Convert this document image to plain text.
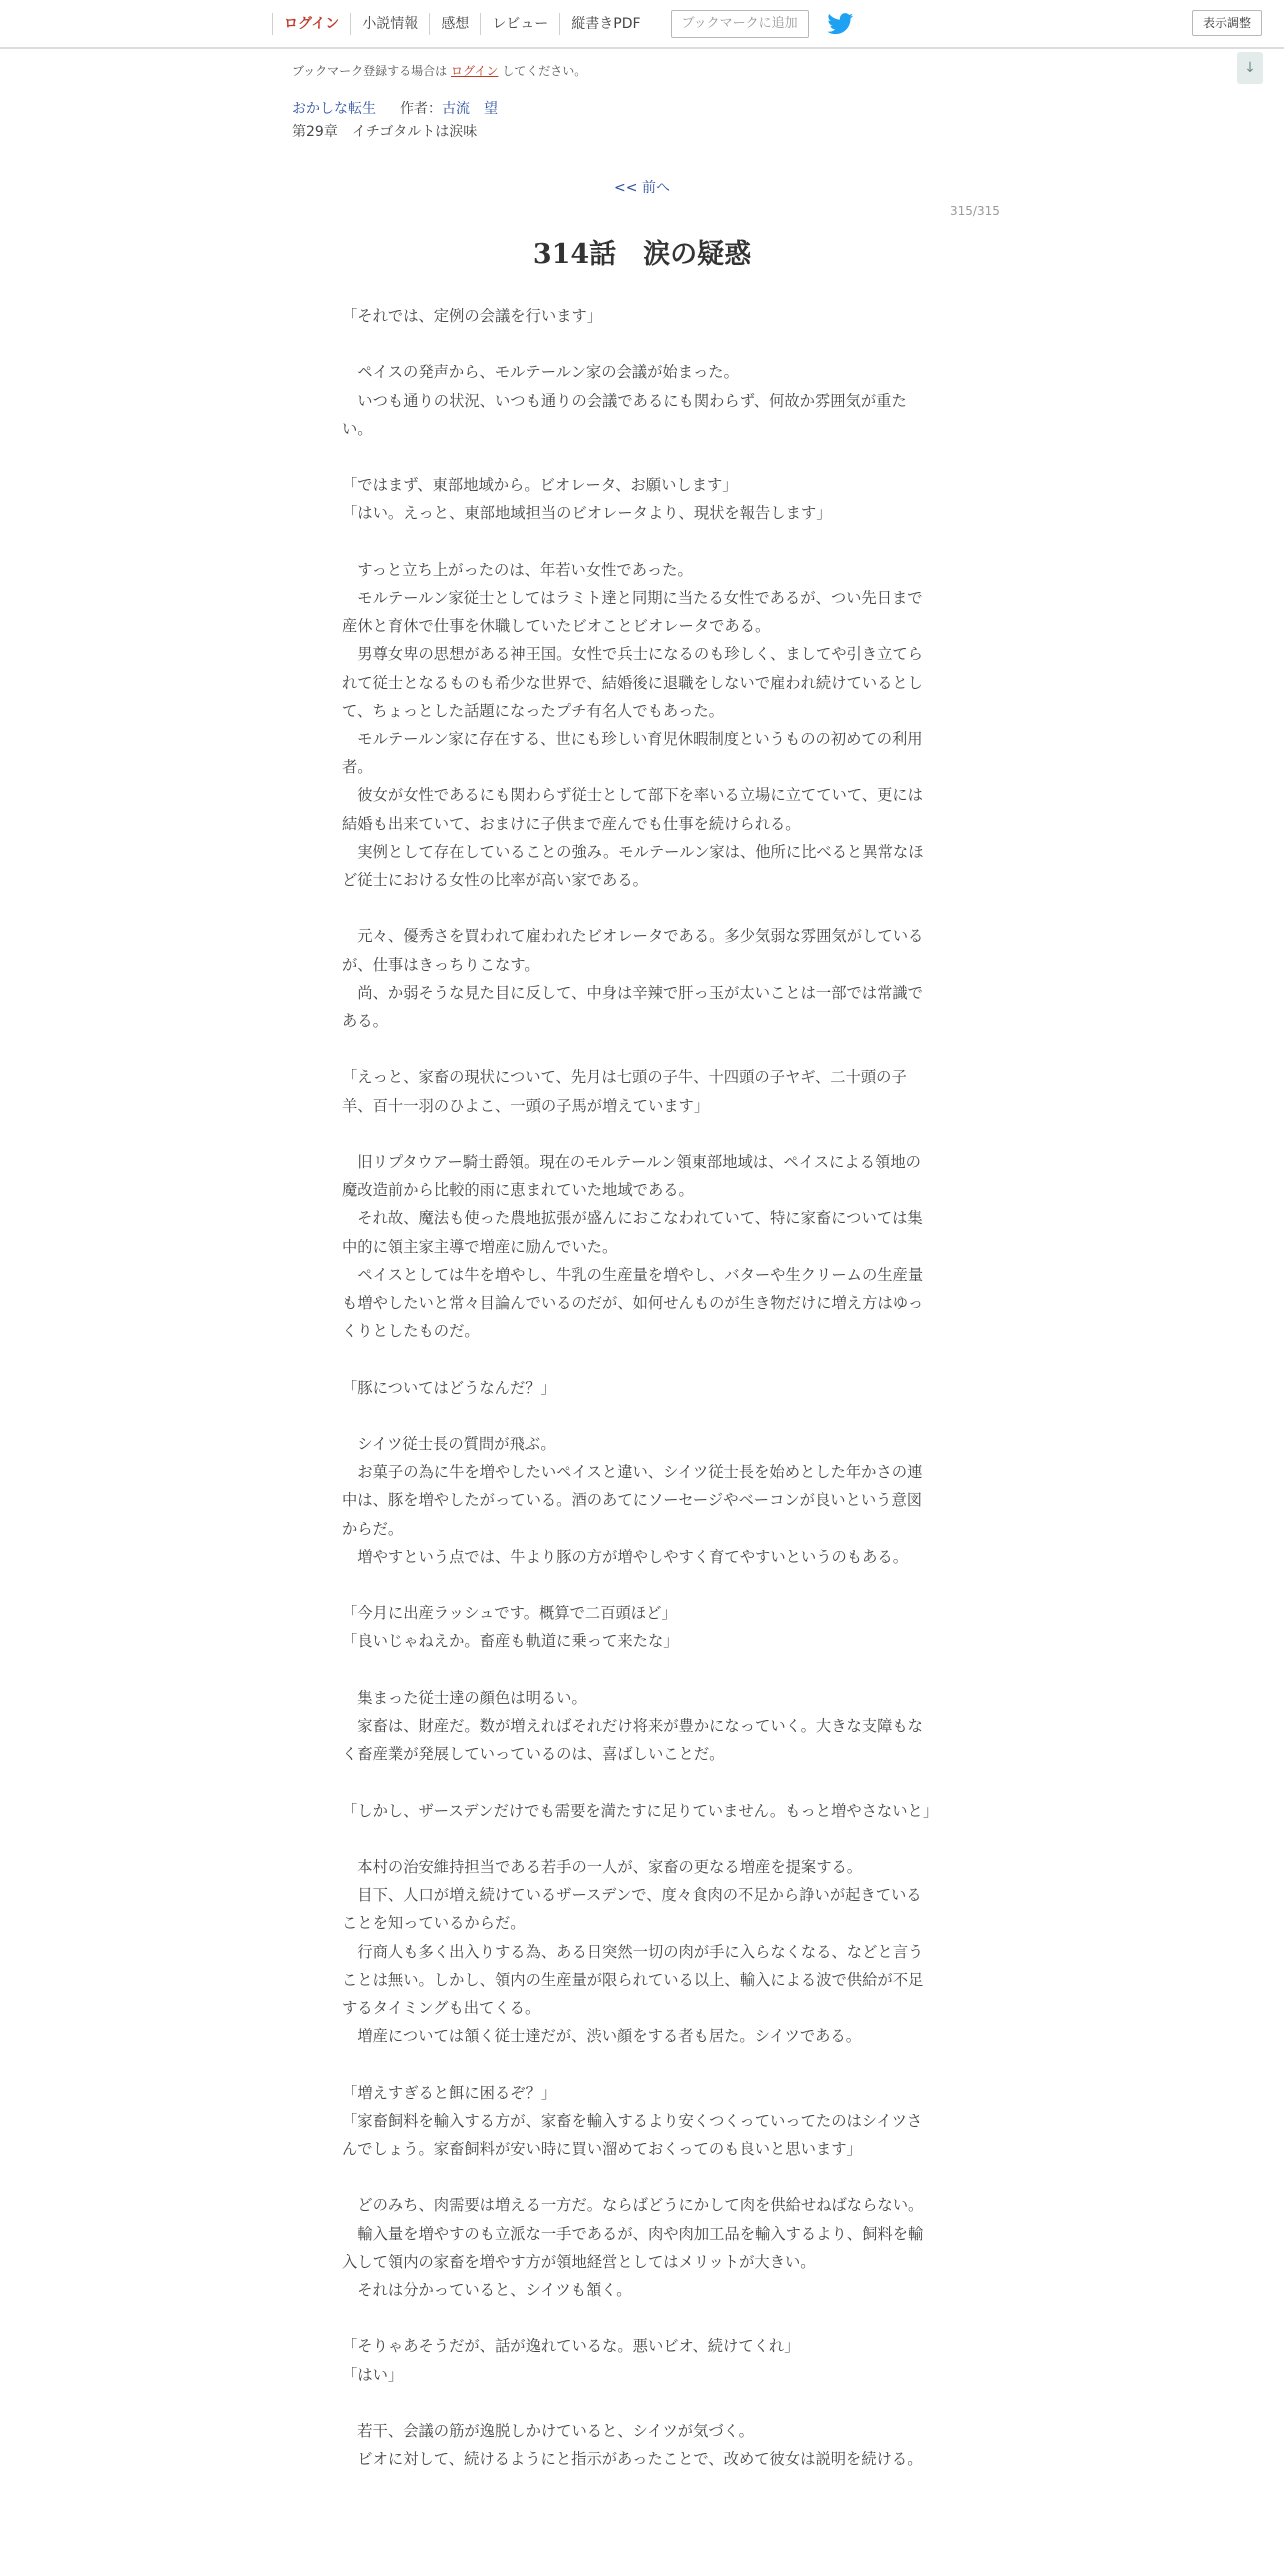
ログイン	小説情報	感想	レビュー	縦書きPDF	ブックマークに追加	表示調整
↓
ブックマーク登録する場合は ログイン してください。
おかしな転生 作者：古流　望
第29章　イチゴタルトは涙味
<< 前へ
315/315
314話　涙の疑惑

「それでは、定例の会議を行います」

　ペイスの発声から、モルテールン家の会議が始まった。

　いつも通りの状況、いつも通りの会議であるにも関わらず、何故か雰囲気が重たい。

「ではまず、東部地域から。ビオレータ、お願いします」

「はい。えっと、東部地域担当のビオレータより、現状を報告します」

　すっと立ち上がったのは、年若い女性であった。

　モルテールン家従士としてはラミト達と同期に当たる女性であるが、つい先日まで産休と育休で仕事を休職していたビオことビオレータである。

　男尊女卑の思想がある神王国。女性で兵士になるのも珍しく、ましてや引き立てられて従士となるものも希少な世界で、結婚後に退職をしないで雇われ続けているとして、ちょっとした話題になったプチ有名人でもあった。

　モルテールン家に存在する、世にも珍しい育児休暇制度というものの初めての利用者。

　彼女が女性であるにも関わらず従士として部下を率いる立場に立てていて、更には結婚も出来ていて、おまけに子供まで産んでも仕事を続けられる。

　実例として存在していることの強み。モルテールン家は、他所に比べると異常なほど従士における女性の比率が高い家である。

　元々、優秀さを買われて雇われたビオレータである。多少気弱な雰囲気がしているが、仕事はきっちりこなす。

　尚、か弱そうな見た目に反して、中身は辛辣で肝っ玉が太いことは一部では常識である。

「えっと、家畜の現状について、先月は七頭の子牛、十四頭の子ヤギ、二十頭の子羊、百十一羽のひよこ、一頭の子馬が増えています」

　旧リプタウアー騎士爵領。現在のモルテールン領東部地域は、ペイスによる領地の魔改造前から比較的雨に恵まれていた地域である。

　それ故、魔法も使った農地拡張が盛んにおこなわれていて、特に家畜については集中的に領主家主導で増産に励んでいた。

　ペイスとしては牛を増やし、牛乳の生産量を増やし、バターや生クリームの生産量も増やしたいと常々目論んでいるのだが、如何せんものが生き物だけに増え方はゆっくりとしたものだ。

「豚についてはどうなんだ？」

　シイツ従士長の質問が飛ぶ。

　お菓子の為に牛を増やしたいペイスと違い、シイツ従士長を始めとした年かさの連中は、豚を増やしたがっている。酒のあてにソーセージやベーコンが良いという意図からだ。

　増やすという点では、牛より豚の方が増やしやすく育てやすいというのもある。

「今月に出産ラッシュです。概算で二百頭ほど」

「良いじゃねえか。畜産も軌道に乗って来たな」

　集まった従士達の顔色は明るい。

　家畜は、財産だ。数が増えればそれだけ将来が豊かになっていく。大きな支障もなく畜産業が発展していっているのは、喜ばしいことだ。

「しかし、ザースデンだけでも需要を満たすに足りていません。もっと増やさないと」

　本村の治安維持担当である若手の一人が、家畜の更なる増産を提案する。

　目下、人口が増え続けているザースデンで、度々食肉の不足から諍いが起きていることを知っているからだ。

　行商人も多く出入りする為、ある日突然一切の肉が手に入らなくなる、などと言うことは無い。しかし、領内の生産量が限られている以上、輸入による波で供給が不足するタイミングも出てくる。

　増産については頷く従士達だが、渋い顔をする者も居た。シイツである。

「増えすぎると餌に困るぞ？」

「家畜飼料を輸入する方が、家畜を輸入するより安くつくっていってたのはシイツさんでしょう。家畜飼料が安い時に買い溜めておくってのも良いと思います」

　どのみち、肉需要は増える一方だ。ならばどうにかして肉を供給せねばならない。

　輸入量を増やすのも立派な一手であるが、肉や肉加工品を輸入するより、飼料を輸入して領内の家畜を増やす方が領地経営としてはメリットが大きい。

　それは分かっていると、シイツも頷く。

「そりゃあそうだが、話が逸れているな。悪いビオ、続けてくれ」

「はい」

　若干、会議の筋が逸脱しかけていると、シイツが気づく。

　ビオに対して、続けるようにと指示があったことで、改めて彼女は説明を続ける。
